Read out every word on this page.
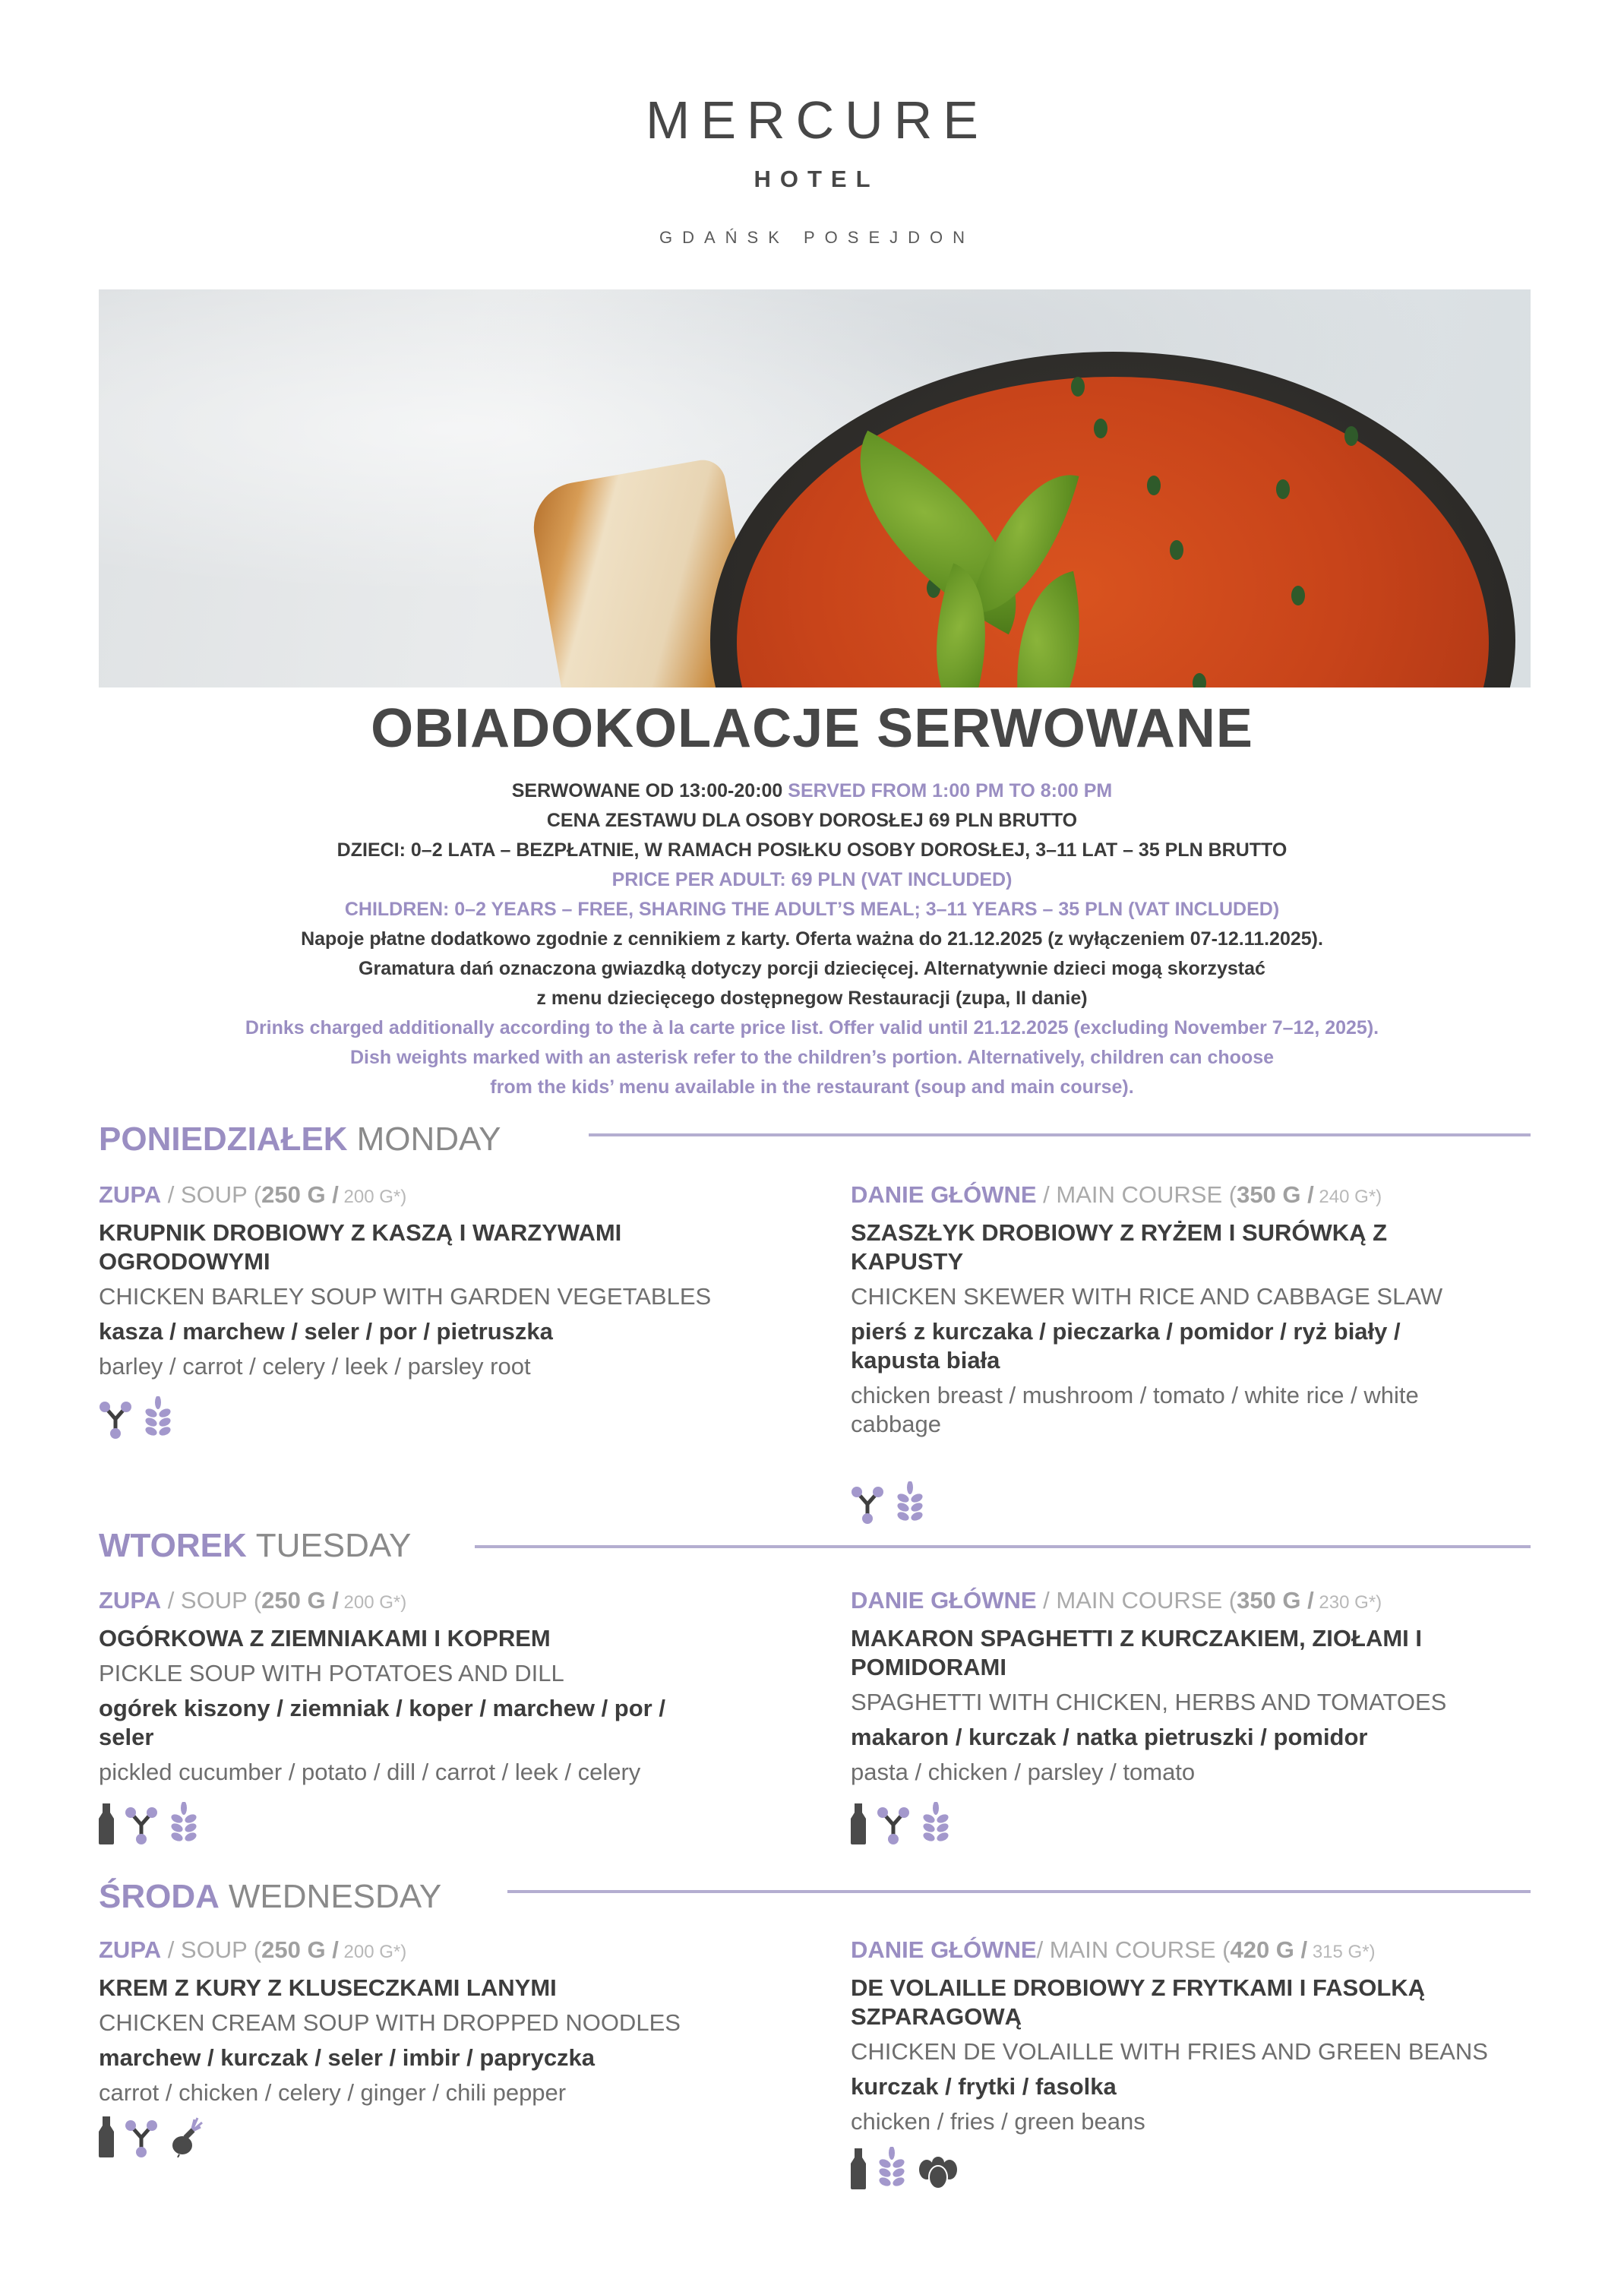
MERCURE
HOTEL
GDAŃSK POSEJDON
OBIADOKOLACJE SERWOWANE
SERWOWANE OD 13:00-20:00 SERVED FROM 1:00 PM TO 8:00 PM
CENA ZESTAWU DLA OSOBY DOROSŁEJ 69 PLN BRUTTO
DZIECI: 0–2 LATA – BEZPŁATNIE, W RAMACH POSIŁKU OSOBY DOROSŁEJ, 3–11 LAT – 35 PLN BRUTTO
PRICE PER ADULT: 69 PLN (VAT INCLUDED)
CHILDREN: 0–2 YEARS – FREE, SHARING THE ADULT’S MEAL; 3–11 YEARS – 35 PLN (VAT INCLUDED)
Napoje płatne dodatkowo zgodnie z cennikiem z karty. Oferta ważna do 21.12.2025 (z wyłączeniem 07-12.11.2025).
Gramatura dań oznaczona gwiazdką dotyczy porcji dziecięcej. Alternatywnie dzieci mogą skorzystać
z menu dziecięcego dostępnegow Restauracji (zupa, II danie)
Drinks charged additionally according to the à la carte price list. Offer valid until 21.12.2025 (excluding November 7–12, 2025).
Dish weights marked with an asterisk refer to the children’s portion. Alternatively, children can choose
from the kids’ menu available in the restaurant (soup and main course).
PONIEDZIAŁEK MONDAY
ZUPA / SOUP (250 G / 200 G*)
KRUPNIK DROBIOWY Z KASZĄ I WARZYWAMI OGRODOWYMI
CHICKEN BARLEY SOUP WITH GARDEN VEGETABLES
kasza / marchew / seler / por / pietruszka
barley / carrot / celery / leek / parsley root
DANIE GŁÓWNE / MAIN COURSE (350 G / 240 G*)
SZASZŁYK DROBIOWY Z RYŻEM I SURÓWKĄ Z KAPUSTY
CHICKEN SKEWER WITH RICE AND CABBAGE SLAW
pierś z kurczaka / pieczarka / pomidor / ryż biały / kapusta biała
chicken breast / mushroom / tomato / white rice / white cabbage
WTOREK TUESDAY
ZUPA / SOUP (250 G / 200 G*)
OGÓRKOWA Z ZIEMNIAKAMI I KOPREM
PICKLE SOUP WITH POTATOES AND DILL
ogórek kiszony / ziemniak / koper / marchew / por / seler
pickled cucumber / potato / dill / carrot / leek / celery
DANIE GŁÓWNE / MAIN COURSE (350 G / 230 G*)
MAKARON SPAGHETTI Z KURCZAKIEM, ZIOŁAMI I POMIDORAMI
SPAGHETTI WITH CHICKEN, HERBS AND TOMATOES
makaron / kurczak / natka pietruszki / pomidor
pasta / chicken / parsley / tomato
ŚRODA WEDNESDAY
ZUPA / SOUP (250 G / 200 G*)
KREM Z KURY Z KLUSECZKAMI LANYMI
CHICKEN CREAM SOUP WITH DROPPED NOODLES
marchew / kurczak / seler / imbir / papryczka
carrot / chicken / celery / ginger / chili pepper
DANIE GŁÓWNE/ MAIN COURSE (420 G / 315 G*)
DE VOLAILLE DROBIOWY Z FRYTKAMI I FASOLKĄ SZPARAGOWĄ
CHICKEN DE VOLAILLE WITH FRIES AND GREEN BEANS
kurczak / frytki / fasolka
chicken / fries / green beans
